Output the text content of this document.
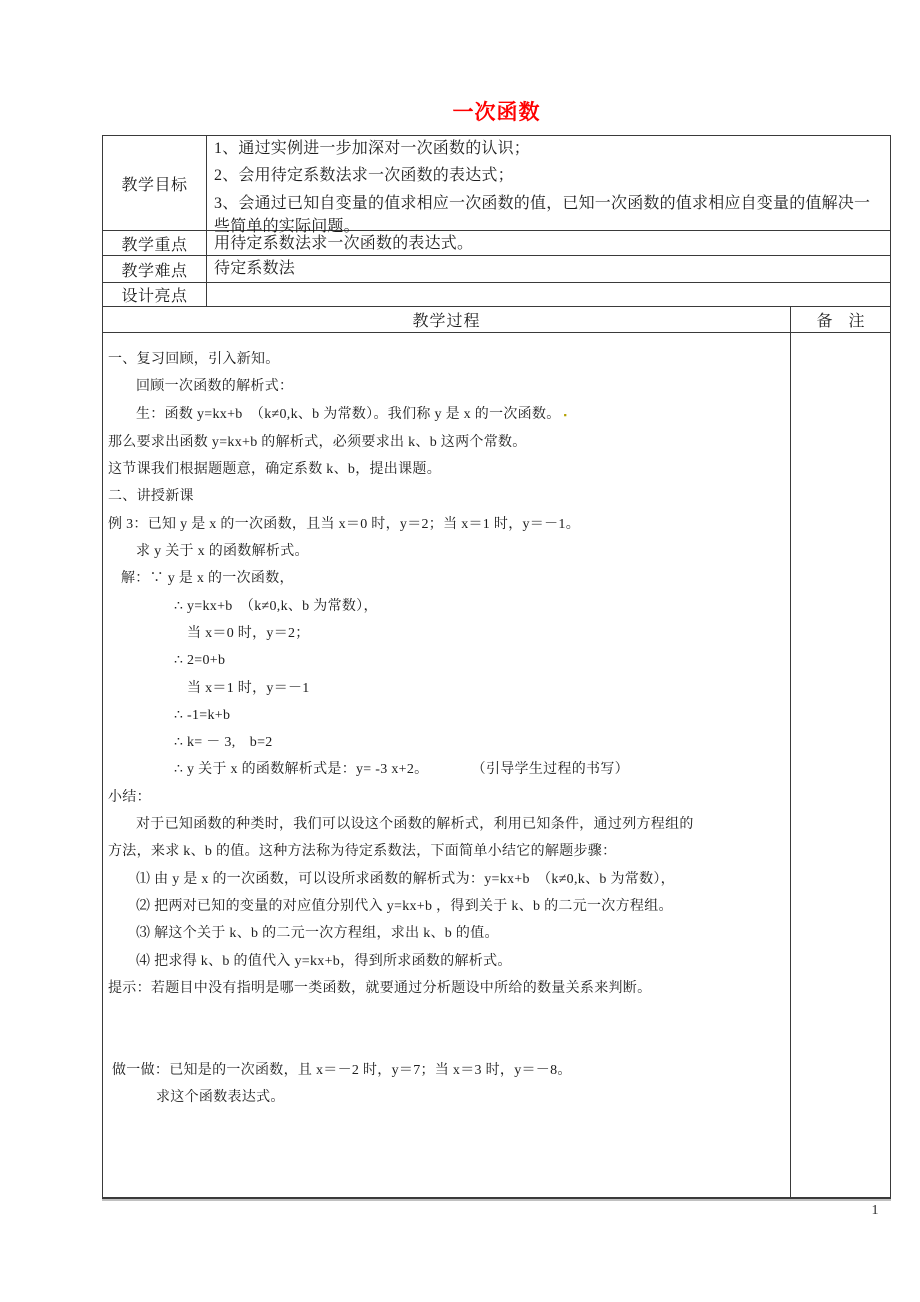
一次函数
教学目标
1、通过实例进一步加深对一次函数的认识；
2、会用待定系数法求一次函数的表达式；
3、会通过已知自变量的值求相应一次函数的值，已知一次函数的值求相应自变量的值解决一些简单的实际问题。
教学重点	用待定系数法求一次函数的表达式。
教学难点	待定系数法
设计亮点
教学过程	备　注
一、复习回顾，引入新知。
回顾一次函数的解析式：
生：函数 y=kx+b　（k≠0,k、b 为常数）。我们称 y 是 x 的一次函数。 ▪
那么要求出函数 y=kx+b 的解析式，必须要求出 k、b 这两个常数。
这节课我们根据题题意，确定系数 k、b，提出课题。
二、讲授新课
例 3：已知 y 是 x 的一次函数，且当 x＝0 时，y＝2；当 x＝1 时，y＝－1。
求 y 关于 x 的函数解析式。
解：∵ y 是 x 的一次函数，
∴ y=kx+b　（k≠0,k、b 为常数），
当 x＝0 时，y＝2；
∴ 2=0+b
当 x＝1 时，y＝－1
∴ -1=k+b
∴ k= － 3,　b=2
∴ y 关于 x 的函数解析式是：y= -3 x+2。　　　　（引导学生过程的书写）
小结：
对于已知函数的种类时，我们可以设这个函数的解析式，利用已知条件，通过列方程组的
方法，来求 k、b 的值。这种方法称为待定系数法，下面简单小结它的解题步骤：
⑴ 由 y 是 x 的一次函数，可以设所求函数的解析式为：y=kx+b　（k≠0,k、b 为常数），
⑵ 把两对已知的变量的对应值分别代入 y=kx+b ，得到关于 k、b 的二元一次方程组。
⑶ 解这个关于 k、b 的二元一次方程组，求出 k、b 的值。
⑷ 把求得 k、b 的值代入 y=kx+b，得到所求函数的解析式。
提示：若题目中没有指明是哪一类函数，就要通过分析题设中所给的数量关系来判断。
做一做：已知是的一次函数，且 x＝－2 时，y＝7；当 x＝3 时，y＝－8。
求这个函数表达式。
1
